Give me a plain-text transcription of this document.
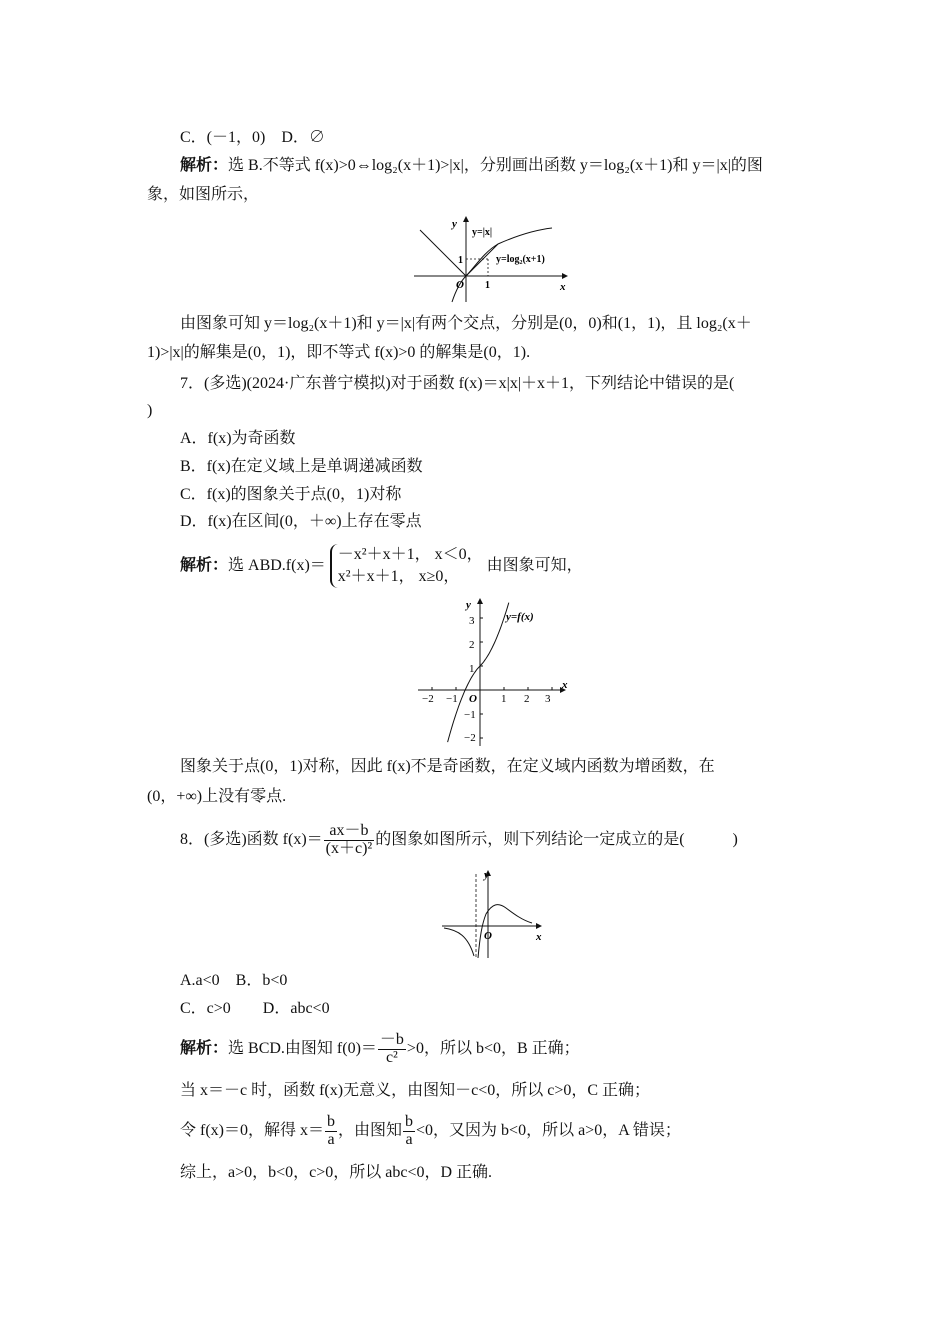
C．(－1，0)　D．∅
解析：选 B.不等式 f(x)>0⇔log₂(x＋1)>|x|，分别画出函数 y＝log₂(x＋1)和 y＝|x|的图
象，如图所示，
y
x
y=|x|
y=log₂(x+1)
1
1
O
由图象可知 y＝log₂(x＋1)和 y＝|x|有两个交点，分别是(0，0)和(1，1)，且 log₂(x＋
1)>|x|的解集是(0，1)，即不等式 f(x)>0 的解集是(0，1).
7．(多选)(2024·广东普宁模拟)对于函数 f(x)＝x|x|＋x＋1，下列结论中错误的是(
)
A．f(x)为奇函数
B．f(x)在定义域上是单调递减函数
C．f(x)的图象关于点(0，1)对称
D．f(x)在区间(0，＋∞)上存在零点
解析： 选 ABD.f(x)＝
－x²＋x＋1， x＜0，
x²＋x＋1， x≥0，
由图象可知，
y
x
y=f(x)
O
−2 −1	1 2 3
3
2
1
−1
−2
图象关于点(0，1)对称，因此 f(x)不是奇函数，在定义域内函数为增函数，在
(0，+∞)上没有零点.
8．(多选)函数 $f(x)= \frac{ax-b}{\text{(x＋c)²}}$ 的图象如图所示，则下列结论一定成立的是(　　　)
y
x
O
A.a<0　B．b<0
C．c>0　　D．abc<0
解析： 选 BCD.由图知 $f(0)= \frac{-b}{\text{c²}} >0$，所以 b<0，B 正确；
当 x＝－c 时，函数 f(x)无意义，由图知－c<0，所以 c>0，C 正确；
令 f(x)＝0，解得 $x= \frac{b}{a}$ ，由图知 $\frac{b}{a} <0$，又因为 b<0，所以 a>0，A 错误；
综上，a>0，b<0，c>0，所以 abc<0，D 正确.
